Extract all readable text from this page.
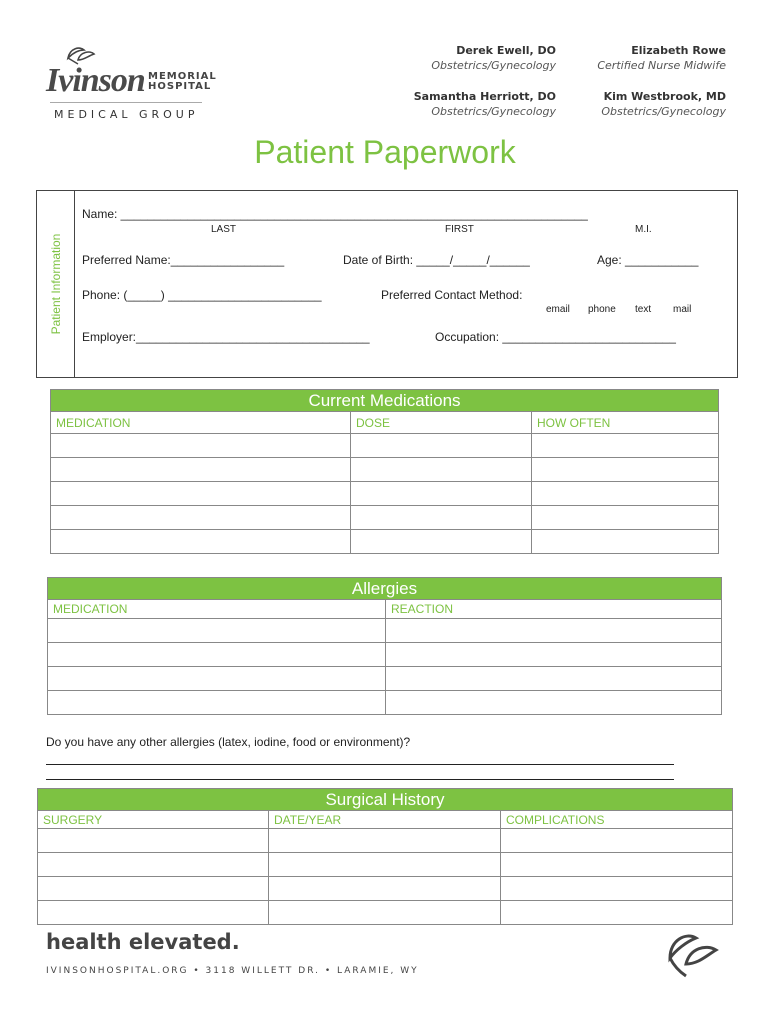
Ivinson MEMORIAL
HOSPITAL
MEDICAL GROUP
Derek Ewell, DO
Obstetrics/Gynecology
Elizabeth Rowe
Certified Nurse Midwife
Samantha Herriott, DO
Obstetrics/Gynecology
Kim Westbrook, MD
Obstetrics/Gynecology
Patient Paperwork
Patient Information
Name: ______________________________________________________________________
LAST	FIRST	M.I.
Preferred Name:_________________	Date of Birth: _____/_____/______	Age: ___________
Phone: (_____) _______________________	Preferred Contact Method:
email phone text mail
Employer:___________________________________	Occupation: __________________________
Current Medications		
MEDICATION	DOSE	HOW OFTEN

Allergies	
MEDICATION	REACTION

Do you have any other allergies (latex, iodine, food or environment)?
Surgical History		
SURGERY	DATE/YEAR	COMPLICATIONS

health elevated.
IVINSONHOSPITAL.ORG • 3118 WILLETT DR. • LARAMIE, WY
